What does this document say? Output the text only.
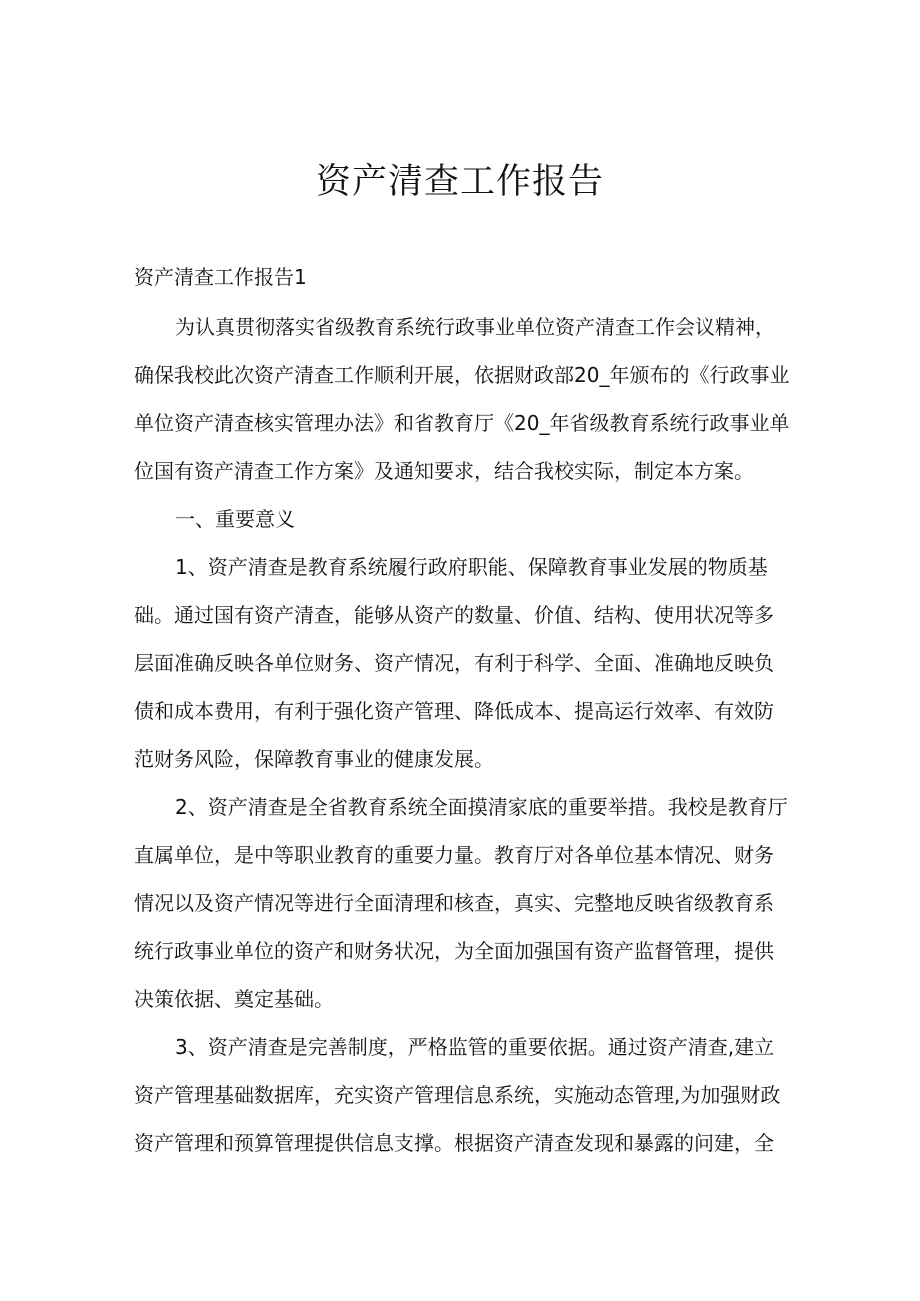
资产清查工作报告
资产清查工作报告1
为认真贯彻落实省级教育系统行政事业单位资产清查工作会议精神，
确保我校此次资产清查工作顺利开展，依据财政部20_年颁布的《行政事业
单位资产清查核实管理办法》和省教育厅《20_年省级教育系统行政事业单
位国有资产清查工作方案》及通知要求，结合我校实际，制定本方案。
一、重要意义
1、资产清查是教育系统履行政府职能、保障教育事业发展的物质基
础。通过国有资产清查，能够从资产的数量、价值、结构、使用状况等多
层面准确反映各单位财务、资产情况，有利于科学、全面、准确地反映负
债和成本费用，有利于强化资产管理、降低成本、提高运行效率、有效防
范财务风险，保障教育事业的健康发展。
2、资产清查是全省教育系统全面摸清家底的重要举措。我校是教育厅
直属单位，是中等职业教育的重要力量。教育厅对各单位基本情况、财务
情况以及资产情况等进行全面清理和核查，真实、完整地反映省级教育系
统行政事业单位的资产和财务状况，为全面加强国有资产监督管理，提供
决策依据、奠定基础。
3、资产清查是完善制度，严格监管的重要依据。通过资产清查,建立
资产管理基础数据库，充实资产管理信息系统，实施动态管理,为加强财政
资产管理和预算管理提供信息支撑。根据资产清查发现和暴露的问建，全
